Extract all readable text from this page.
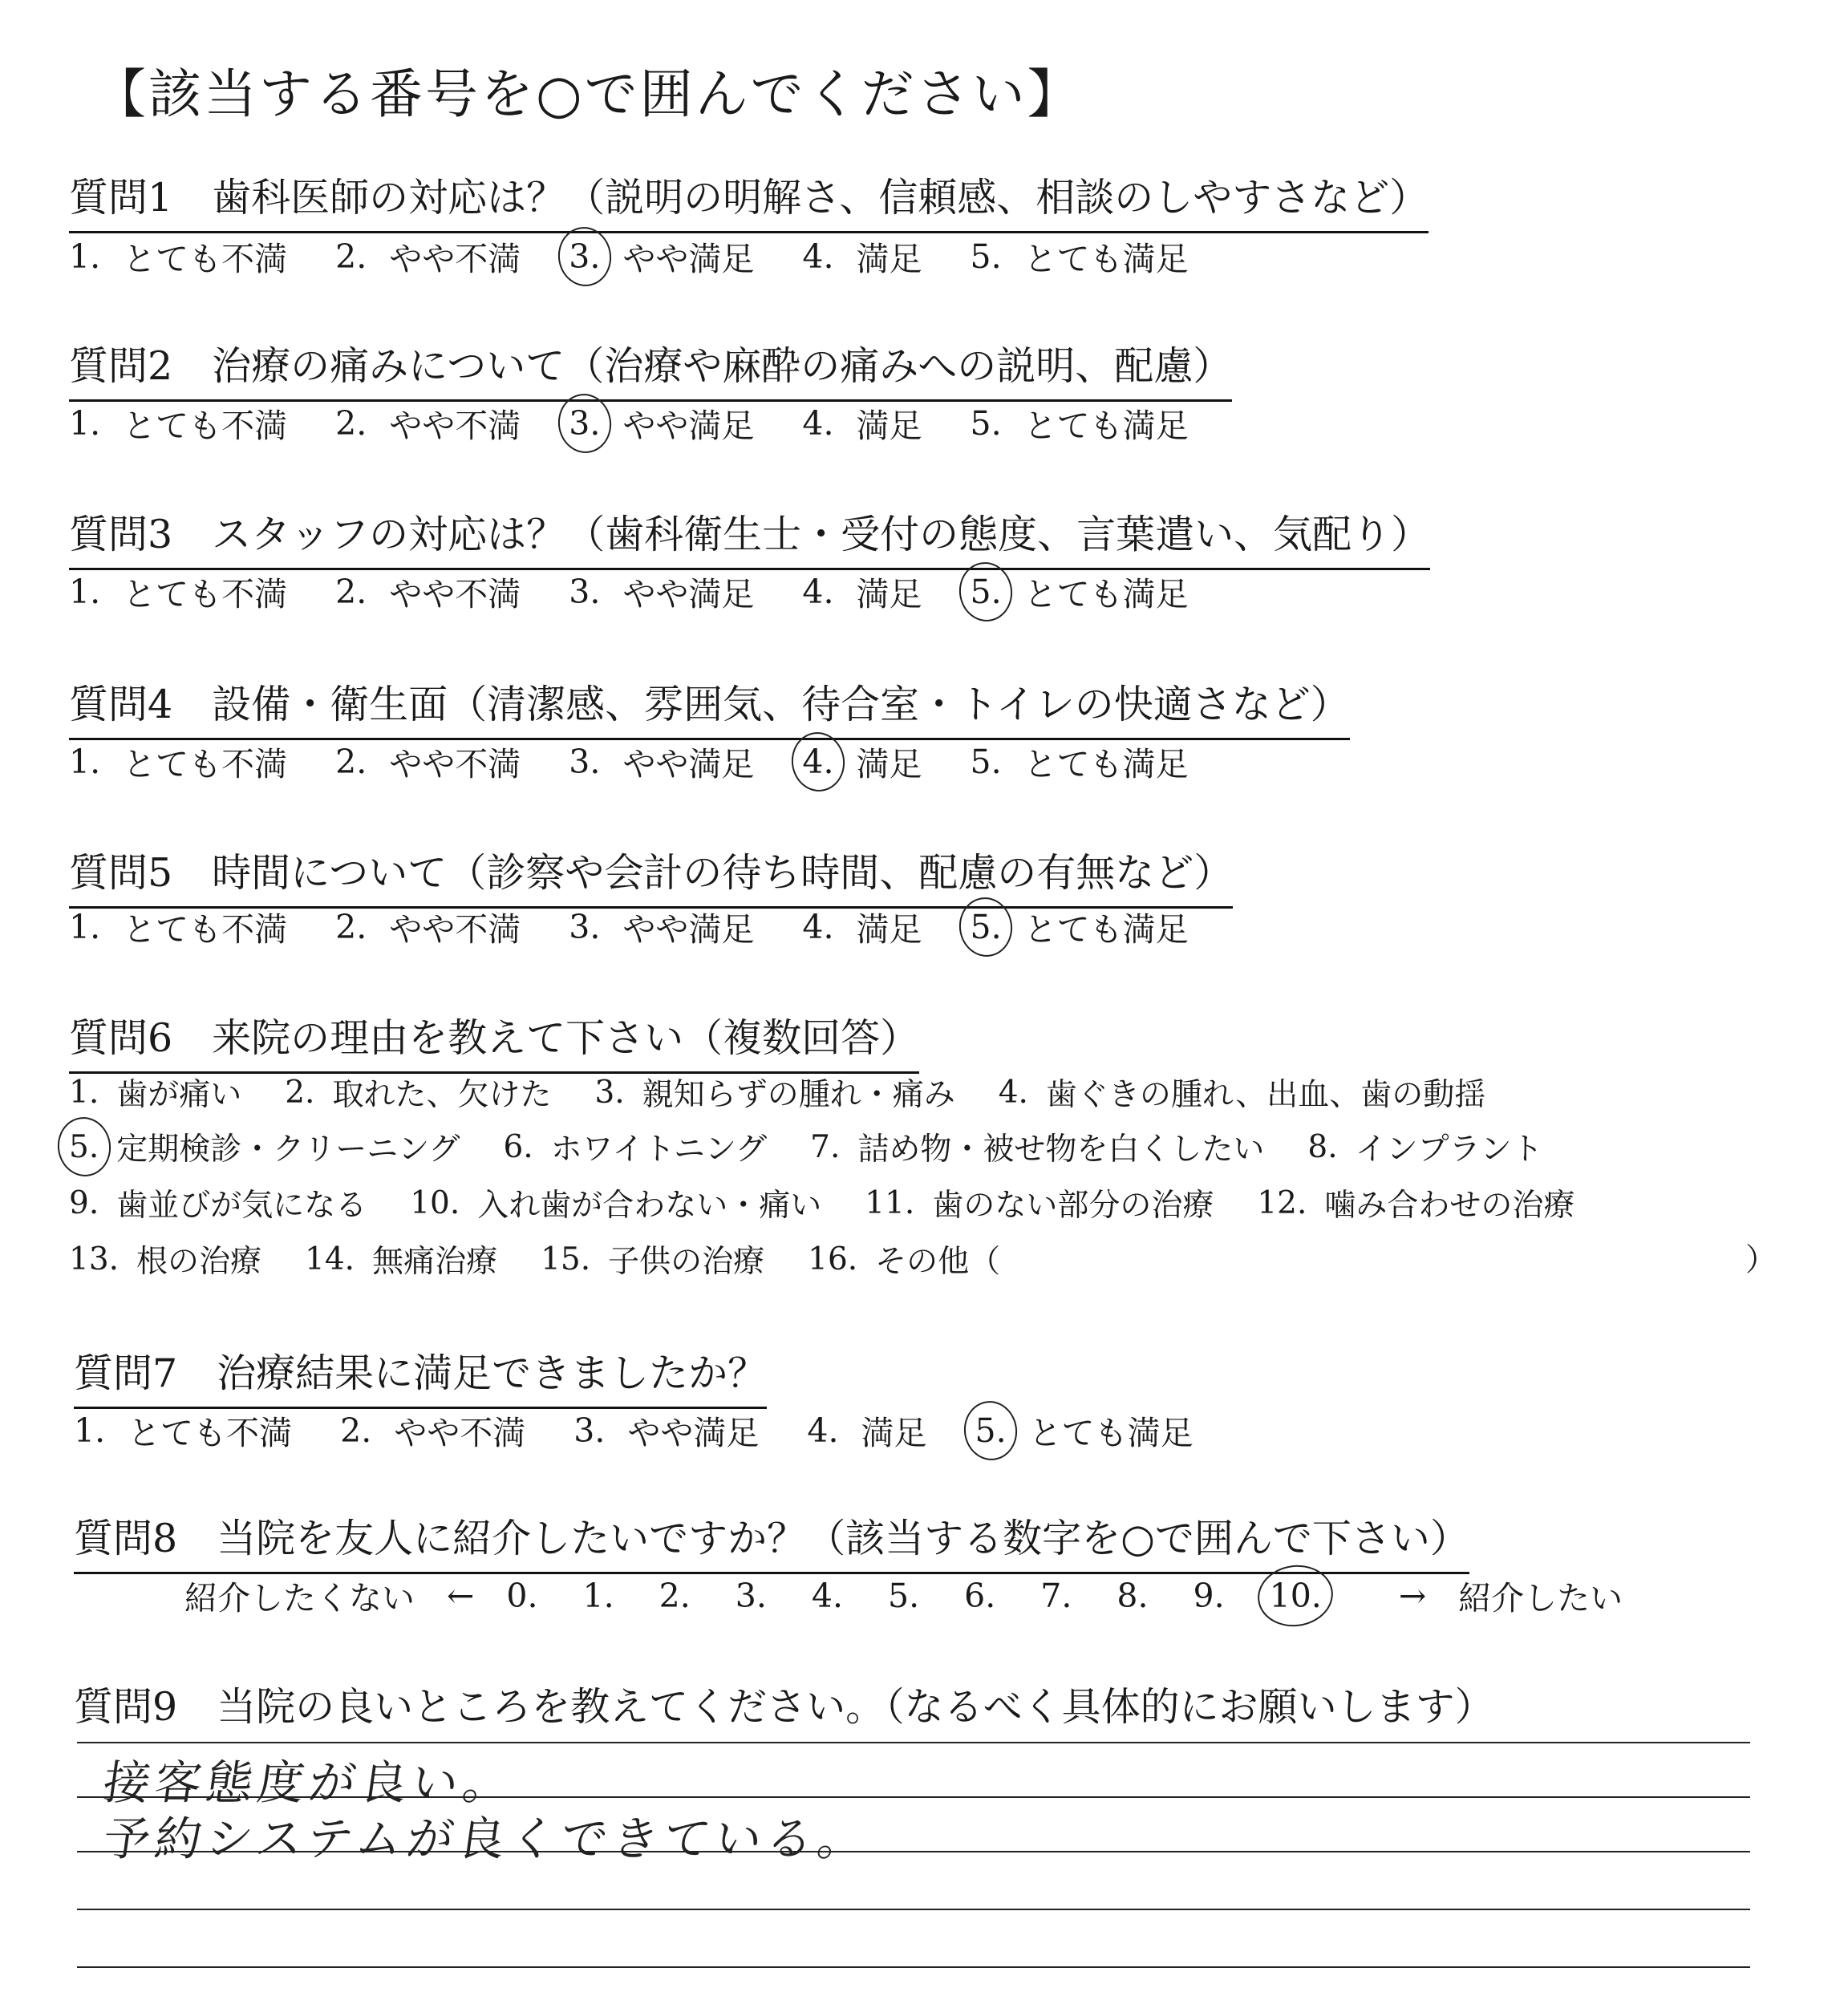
【該当する番号を○で囲んでください】
質問1　歯科医師の対応は？（説明の明解さ、信頼感、相談のしやすさなど）
1. とても不満 2. やや不満 3. やや満足 4. 満足 5. とても満足
質問2　治療の痛みについて（治療や麻酔の痛みへの説明、配慮）
1. とても不満 2. やや不満 3. やや満足 4. 満足 5. とても満足
質問3　スタッフの対応は？（歯科衛生士・受付の態度、言葉遣い、気配り）
1. とても不満 2. やや不満 3. やや満足 4. 満足 5. とても満足
質問4　設備・衛生面（清潔感、雰囲気、待合室・トイレの快適さなど）
1. とても不満 2. やや不満 3. やや満足 4. 満足 5. とても満足
質問5　時間について（診察や会計の待ち時間、配慮の有無など）
1. とても不満 2. やや不満 3. やや満足 4. 満足 5. とても満足
質問6　来院の理由を教えて下さい（複数回答）
1. 歯が痛い 2. 取れた、欠けた 3. 親知らずの腫れ・痛み 4. 歯ぐきの腫れ、出血、歯の動揺
5. 定期検診・クリーニング 6. ホワイトニング 7. 詰め物・被せ物を白くしたい 8. インプラント
9. 歯並びが気になる 10. 入れ歯が合わない・痛い 11. 歯のない部分の治療 12. 噛み合わせの治療
13. 根の治療 14. 無痛治療 15. 子供の治療 16. その他（	）
質問7　治療結果に満足できましたか？
1. とても不満 2. やや不満 3. やや満足 4. 満足 5. とても満足
質問8　当院を友人に紹介したいですか？（該当する数字を○で囲んで下さい）
紹介したくない ← 0. 1. 2. 3. 4. 5. 6. 7. 8. 9. 10. → 紹介したい
質問9　当院の良いところを教えてください。（なるべく具体的にお願いします）
接客態度が良い。
予約システムが良くできている。
